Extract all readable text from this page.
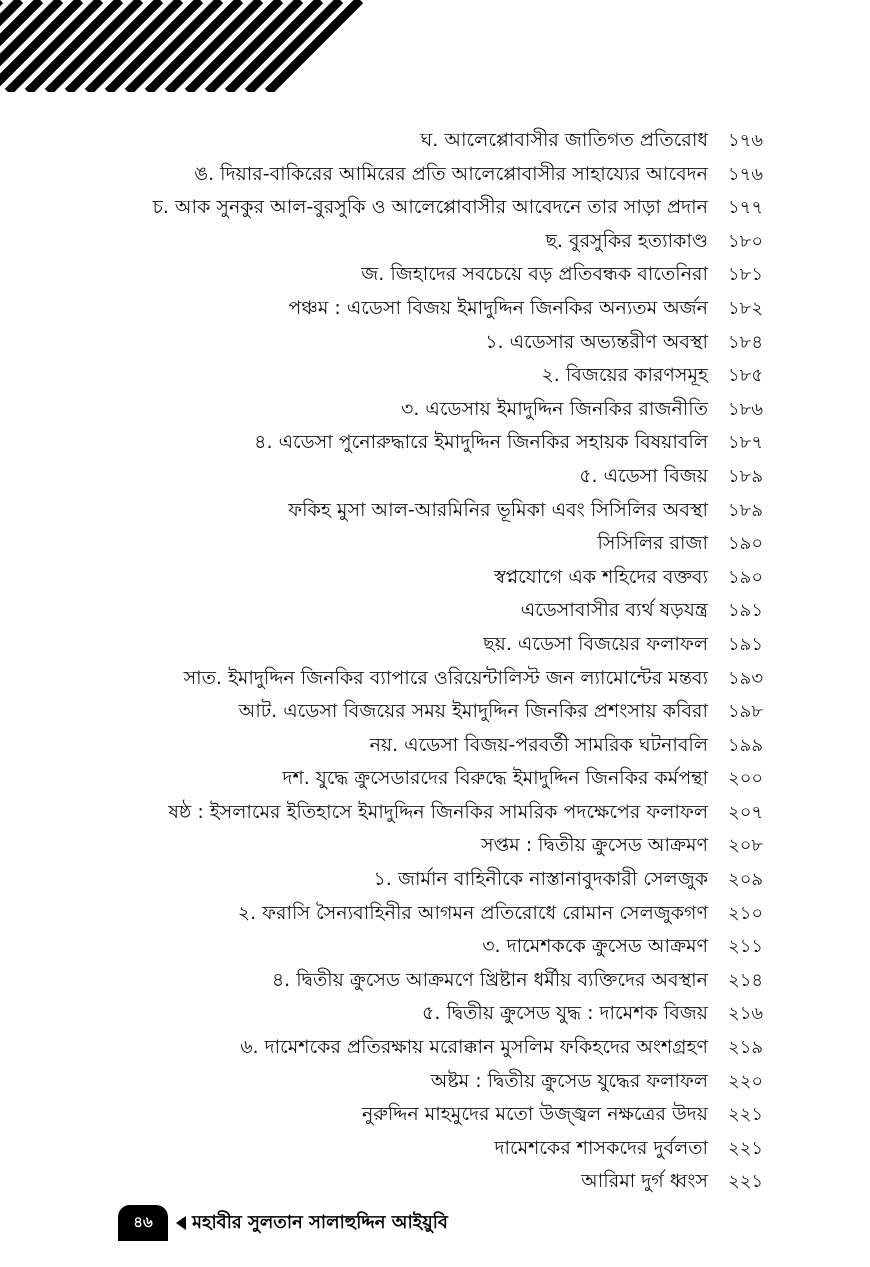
ঘ. আলেপ্পোবাসীর জাতিগত প্রতিরোধ	১৭৬
ঙ. দিয়ার-বাকিরের আমিরের প্রতি আলেপ্পোবাসীর সাহায্যের আবেদন	১৭৬
চ. আক সুনকুর আল-বুরসুকি ও আলেপ্পোবাসীর আবেদনে তার সাড়া প্রদান	১৭৭
ছ. বুরসুকির হত্যাকাণ্ড	১৮০
জ. জিহাদের সবচেয়ে বড় প্রতিবন্ধক বাতেনিরা	১৮১
পঞ্চম : এডেসা বিজয় ইমাদুদ্দিন জিনকির অন্যতম অর্জন	১৮২
১. এডেসার অভ্যন্তরীণ অবস্থা	১৮৪
২. বিজয়ের কারণসমূহ	১৮৫
৩. এডেসায় ইমাদুদ্দিন জিনকির রাজনীতি	১৮৬
৪. এডেসা পুনোরুদ্ধারে ইমাদুদ্দিন জিনকির সহায়ক বিষয়াবলি	১৮৭
৫. এডেসা বিজয়	১৮৯
ফকিহ মুসা আল-আরমিনির ভূমিকা এবং সিসিলির অবস্থা	১৮৯
সিসিলির রাজা	১৯০
স্বপ্নযোগে এক শহিদের বক্তব্য	১৯০
এডেসাবাসীর ব্যর্থ ষড়যন্ত্র	১৯১
ছয়. এডেসা বিজয়ের ফলাফল	১৯১
সাত. ইমাদুদ্দিন জিনকির ব্যাপারে ওরিয়েন্টালিস্ট জন ল্যামোন্টের মন্তব্য	১৯৩
আট. এডেসা বিজয়ের সময় ইমাদুদ্দিন জিনকির প্রশংসায় কবিরা	১৯৮
নয়. এডেসা বিজয়-পরবর্তী সামরিক ঘটনাবলি	১৯৯
দশ. যুদ্ধে ক্রুসেডারদের বিরুদ্ধে ইমাদুদ্দিন জিনকির কর্মপন্থা	২০০
ষষ্ঠ : ইসলামের ইতিহাসে ইমাদুদ্দিন জিনকির সামরিক পদক্ষেপের ফলাফল	২০৭
সপ্তম : দ্বিতীয় ক্রুসেড আক্রমণ	২০৮
১. জার্মান বাহিনীকে নাস্তানাবুদকারী সেলজুক	২০৯
২. ফরাসি সৈন্যবাহিনীর আগমন প্রতিরোধে রোমান সেলজুকগণ	২১০
৩. দামেশককে ক্রুসেড আক্রমণ	২১১
৪. দ্বিতীয় ক্রুসেড আক্রমণে খ্রিষ্টান ধর্মীয় ব্যক্তিদের অবস্থান	২১৪
৫. দ্বিতীয় ক্রুসেড যুদ্ধ : দামেশক বিজয়	২১৬
৬. দামেশকের প্রতিরক্ষায় মরোক্কান মুসলিম ফকিহদের অংশগ্রহণ	২১৯
অষ্টম : দ্বিতীয় ক্রুসেড যুদ্ধের ফলাফল	২২০
নুরুদ্দিন মাহমুদের মতো উজ্জ্বল নক্ষত্রের উদয়	২২১
দামেশকের শাসকদের দুর্বলতা	২২১
আরিমা দুর্গ ধ্বংস	২২১
৪৬	মহাবীর সুলতান সালাহুদ্দিন আইয়ুবি
